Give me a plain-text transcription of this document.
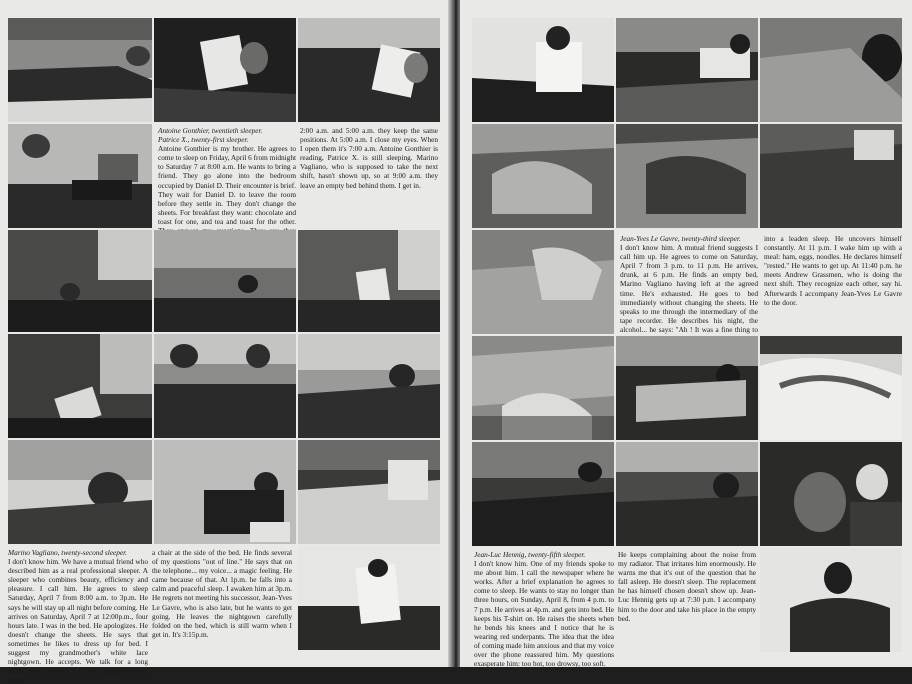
Antoine Gonthier, twentieth sleeper.
Patrice X., twenty-first sleeper.
Antoine Gonthier is my brother. He agrees to come to sleep on Friday, April 6 from midnight to Saturday 7 at 8:00 a.m. He wants to bring a friend. They go alone into the bedroom occupied by Daniel D. Their encounter is brief. They wait for Daniel D. to leave the room before they settle in. They don't change the sheets. For breakfast they want: chocolate and toast for one, and tea and toast for the other.
2:00 a.m. and 5:00 a.m. they keep the same positions. At 5:00 a.m. I close my eyes. When I open them it's 7:00 a.m. Antoine Gonthier is reading, Patrice X. is still sleeping. Marino Vagliano, who is supposed to take the next shift, hasn't shown up, so at 9:00 a.m. they leave an empty bed behind them. I get in.
Marino Vagliano, twenty-second sleeper.
I don't know him. We have a mutual friend who described him as a real professional sleeper. A sleeper who combines beauty, efficiency and pleasure. I call him. He agrees to sleep Saturday, April 7 from 8:00 a.m. to 3p.m. He says he will stay up all night before coming. He arrives on Saturday, April 7 at 12:00p.m., four hours late. I was in the bed. He apologizes. He doesn't change the sheets. He says that sometimes he likes to dress up for bed. I suggest my grandmother's white lace nightgown. He accepts. We talk for a long while, him stretched out in the nightgown and me in
a chair at the side of the bed. He finds several of my questions "out of line." He says that on the telephone... my voice... a magic feeling. He came because of that. At 1p.m. he falls into a calm and peaceful sleep. I awaken him at 3p.m. He regrets not meeting his successor, Jean-Yves Le Gavre, who is also late, but he wants to get going. He leaves the nightgown carefully folded on the bed, which is still warm when I get in. It's 3:15p.m.
Jean-Yves Le Gavre, twenty-third sleeper.
I don't know him. A mutual friend suggests I call him up. He agrees to come on Saturday, April 7 from 3 p.m. to 11 p.m. He arrives, drunk, at 6 p.m. He finds an empty bed, Marino Vagliano having left at the agreed time. He's exhausted. He goes to bed immediately without changing the sheets. He speaks to me through the intermediary of the tape recorder. He describes his night, the alcohol... he says: "Ah ! It was a fine thing to
into a leaden sleep. He uncovers himself constantly. At 11 p.m. I wake him up with a meal: ham, eggs, noodles. He declares himself "rested." He wants to get up. At 11:40 p.m. he meets Andrew Grassmen, who is doing the next shift. They recognize each other, say hi. Afterwards I accompany Jean-Yves Le Gavre to the door.
Jean-Luc Hennig, twenty-fifth sleeper.
I don't know him. One of my friends spoke to me about him. I call the newspaper where he works. After a brief explanation he agrees to come to sleep. He wants to stay no longer than three hours, on Sunday, April 8, from 4 p.m. to 7 p.m. He arrives at 4p.m. and gets into bed. He keeps his T-shirt on. He raises the sheets when he bends his knees and I notice that he is wearing red underpants. The idea that the idea of coming made him anxious and that my voice over the phone reassured him. My questions exasperate him: too hot, too drowsy, too soft.
He keeps complaining about the noise from my radiator. That irritates him enormously. He warns me that it's out of the question that he fall asleep. He doesn't sleep. The replacement he has himself chosen doesn't show up. Jean-Luc Hennig gets up at 7:30 p.m. I accompany him to the door and take his place in the empty bed.
